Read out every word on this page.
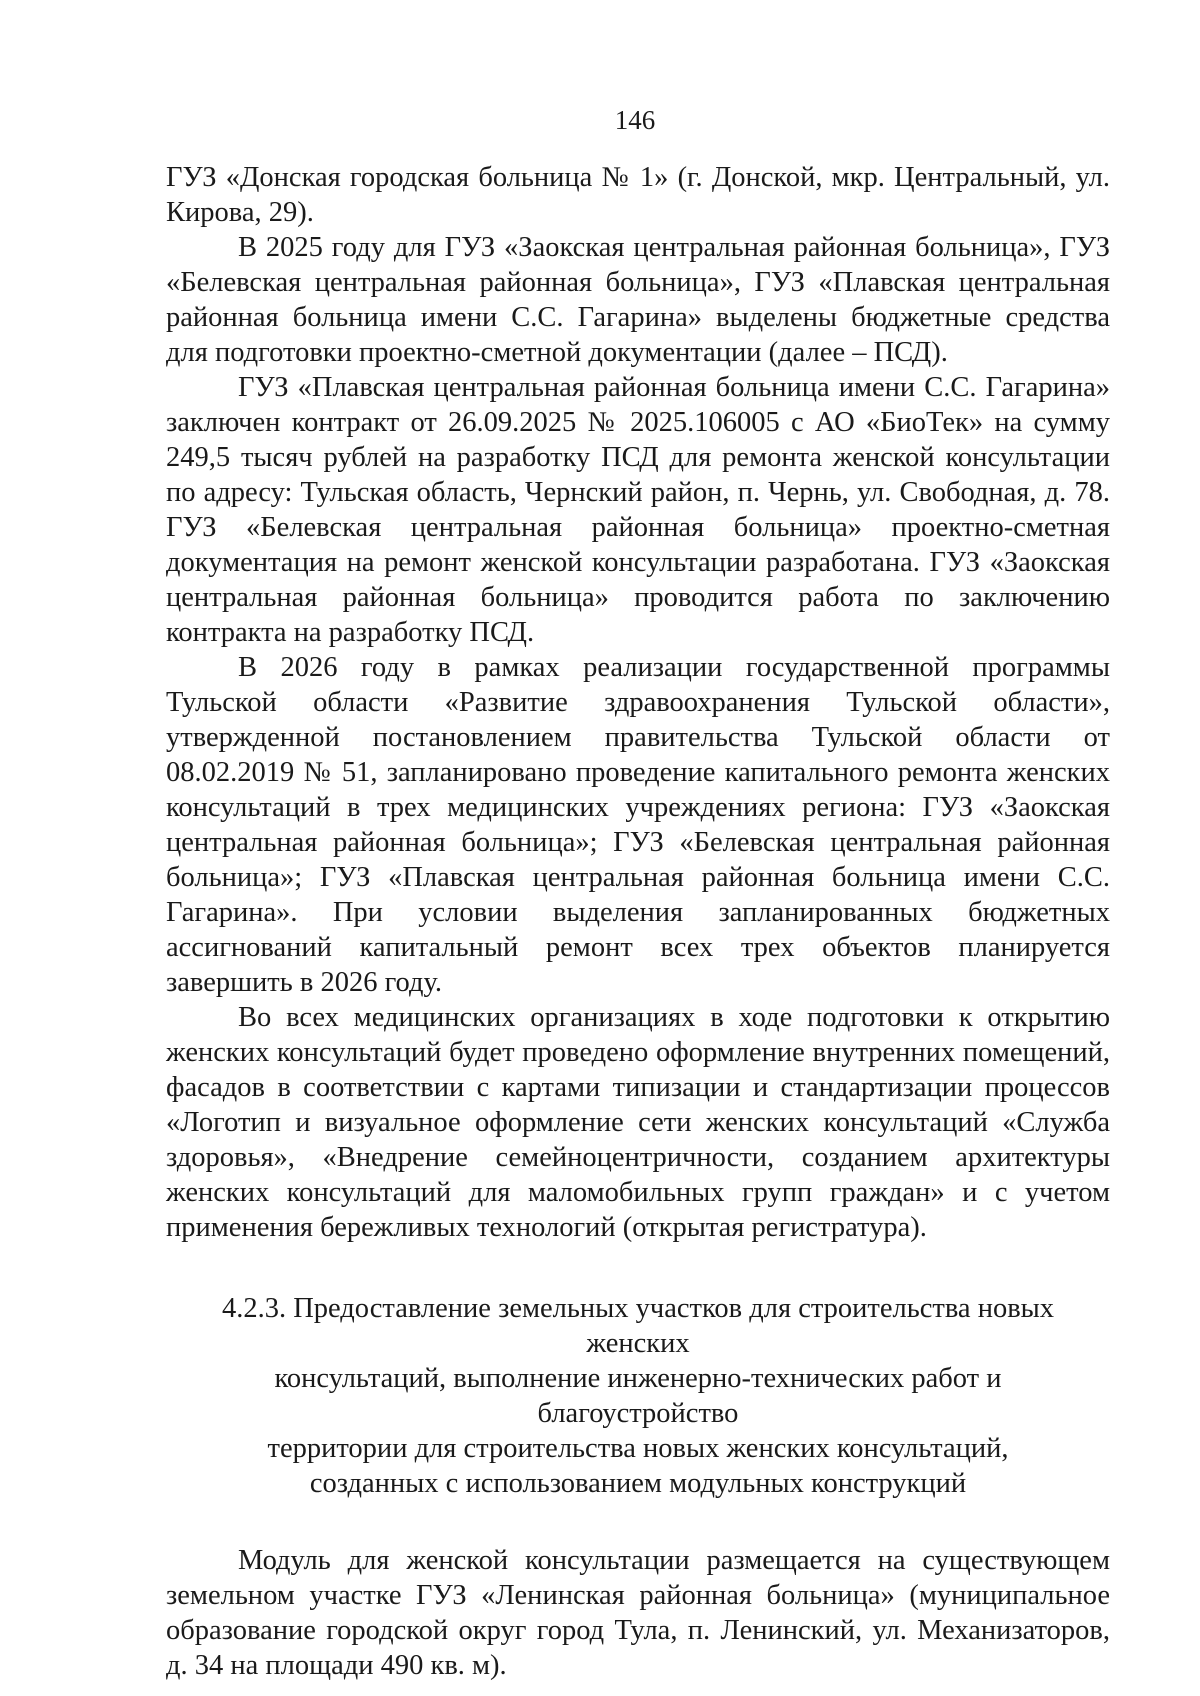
146

ГУЗ «Донская городская больница № 1» (г. Донской, мкр. Центральный, ул. Кирова, 29).

В 2025 году для ГУЗ «Заокская центральная районная больница», ГУЗ «Белевская центральная районная больница», ГУЗ «Плавская центральная районная больница имени С.С. Гагарина» выделены бюджетные средства для подготовки проектно-сметной документации (далее – ПСД).

ГУЗ «Плавская центральная районная больница имени С.С. Гагарина» заключен контракт от 26.09.2025 № 2025.106005 с АО «БиоТек» на сумму 249,5 тысяч рублей на разработку ПСД для ремонта женской консультации по адресу: Тульская область, Чернский район, п. Чернь, ул. Свободная, д. 78. ГУЗ «Белевская центральная районная больница» проектно-сметная документация на ремонт женской консультации разработана. ГУЗ «Заокская центральная районная больница» проводится работа по заключению контракта на разработку ПСД.

В 2026 году в рамках реализации государственной программы Тульской области «Развитие здравоохранения Тульской области», утвержденной постановлением правительства Тульской области от 08.02.2019 № 51, запланировано проведение капитального ремонта женских консультаций в трех медицинских учреждениях региона: ГУЗ «Заокская центральная районная больница»; ГУЗ «Белевская центральная районная больница»; ГУЗ «Плавская центральная районная больница имени С.С. Гагарина». При условии выделения запланированных бюджетных ассигнований капитальный ремонт всех трех объектов планируется завершить в 2026 году.

Во всех медицинских организациях в ходе подготовки к открытию женских консультаций будет проведено оформление внутренних помещений, фасадов в соответствии с картами типизации и стандартизации процессов «Логотип и визуальное оформление сети женских консультаций «Служба здоровья», «Внедрение семейноцентричности, созданием архитектуры женских консультаций для маломобильных групп граждан» и с учетом применения бережливых технологий (открытая регистратура).

4.2.3. Предоставление земельных участков для строительства новых женских
консультаций, выполнение инженерно-технических работ и благоустройство
территории для строительства новых женских консультаций,
созданных с использованием модульных конструкций

Модуль для женской консультации размещается на существующем земельном участке ГУЗ «Ленинская районная больница» (муниципальное образование городской округ город Тула, п. Ленинский, ул. Механизаторов, д. 34 на площади 490 кв. м).
